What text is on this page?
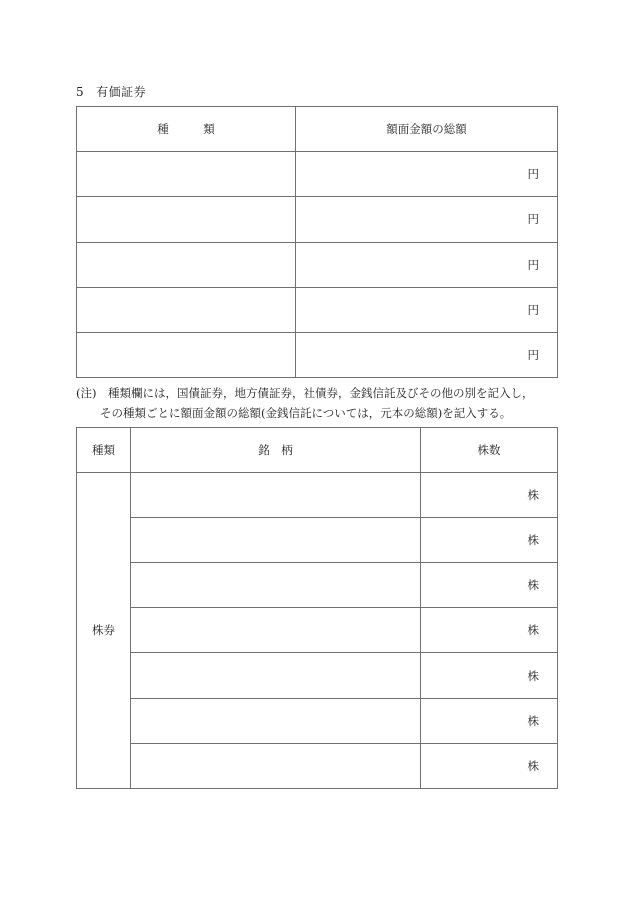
5 有価証券
種　　　類	額面金額の総額
	円
	円
	円
	円
	円
(注)　 種類欄には，国債証券，地方債証券，社債券，金銭信託及びその他の別を記入し，
その種類ごとに額面金額の総額(金銭信託については，元本の総額)を記入する。
種類	銘　柄	株数
株券		株
		株
		株
		株
		株
		株
		株
